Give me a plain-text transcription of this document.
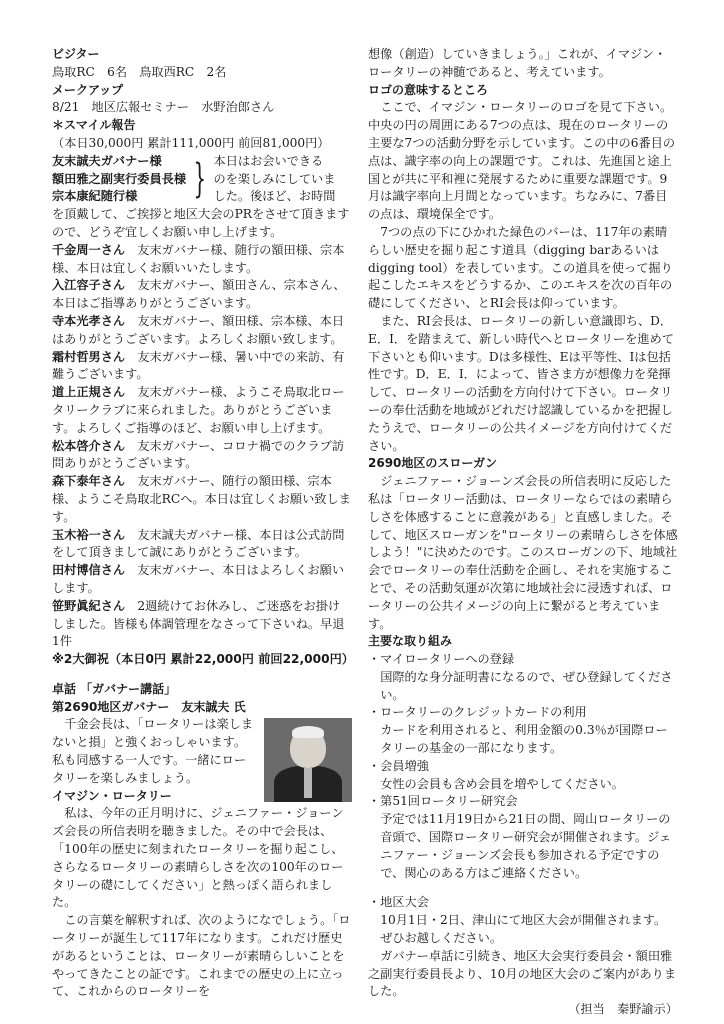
ビジター

鳥取RC　6名　鳥取西RC　2名

メークアップ

8/21　地区広報セミナー　水野治郎さん

＊スマイル報告

（本日30,000円 累計111,000円 前回81,000円）

友末誠夫ガバナー様

額田雅之副実行委員長様

宗本康紀随行様	} 本日はお会いできる

のを楽しみにしていま

した。後ほど、お時間

を頂戴して、ご挨拶と地区大会のPRをさせて頂きますので、どうぞ宜しくお願い申し上げます。

千金周一さん　 友末ガバナー様、随行の額田様、宗本様、本日は宜しくお願いいたします。

入江容子さん　 友末ガバナー、額田さん、宗本さん、本日はご指導ありがとうございます。

寺本光孝さん　 友末ガバナー、額田様、宗本様、本日はありがとうございます。よろしくお願い致します。

霜村哲男さん　 友末ガバナー様、暑い中での来訪、有難うございます。

道上正規さん　 友末ガバナー様、ようこそ鳥取北ロータリークラブに来られました。ありがとうございます。よろしくご指導のほど、お願い申し上げます。

松本啓介さん　 友末ガバナー、コロナ禍でのクラブ訪問ありがとうございます。

森下泰年さん　 友末ガバナー、随行の額田様、宗本様、ようこそ鳥取北RCへ。本日は宜しくお願い致します。

玉木裕一さん　 友末誠夫ガバナー様、本日は公式訪問をして頂きまして誠にありがとうございます。

田村博信さん　 友末ガバナー、本日はよろしくお願いします。

笹野眞紀さん　 2週続けてお休みし、ご迷惑をお掛けしました。皆様も体調管理をなさって下さいね。早退1件

※2大御祝（本日0円 累計22,000円 前回22,000円）

卓話 「ガバナー講話」

第2690地区ガバナー　友末誠夫 氏

千金会長は、「ロータリーは楽しまないと損」と強くおっしゃいます。私も同感する一人です。一緒にロータリーを楽しみましょう。

イマジン・ロータリー

私は、今年の正月明けに、ジェニファー・ジョーンズ会長の所信表明を聴きました。その中で会長は、「100年の歴史に刻まれたロータリーを掘り起こし、さらなるロータリーの素晴らしさを次の100年のロータリーの礎にしてください」と熱っぽく語られました。

この言葉を解釈すれば、次のようになでしょう。「ロータリーが誕生して117年になります。これだけ歴史があるということは、ロータリーが素晴らしいことをやってきたことの証です。これまでの歴史の上に立って、これからのロータリーを

想像（創造）していきましょう。」これが、イマジン・ロータリーの神髄であると、考えています。

ロゴの意味するところ

ここで、イマジン・ロータリーのロゴを見て下さい。中央の円の周囲にある7つの点は、現在のロータリーの主要な7つの活動分野を示しています。この中の6番目の点は、識字率の向上の課題です。これは、先進国と途上国とが共に平和裡に発展するために重要な課題です。9月は識字率向上月間となっています。ちなみに、7番目の点は、環境保全です。

7つの点の下にひかれた緑色のバーは、117年の素晴らしい歴史を掘り起こす道具（digging barあるいはdigging tool）を表しています。この道具を使って掘り起こしたエキスをどうするか、このエキスを次の百年の礎にしてください、とRI会長は仰っています。

また、RI会長は、ロータリーの新しい意識即ち、D．E．I．を踏まえて、新しい時代へとロータリーを進めて下さいとも仰います。Dは多様性、Eは平等性、Iは包括性です。D．E．I．によって、皆さま方が想像力を発揮して、ロータリーの活動を方向付けて下さい。ロータリーの奉仕活動を地域がどれだけ認識しているかを把握したうえで、ロータリーの公共イメージを方向付けてください。

2690地区のスローガン

ジェニファー・ジョーンズ会長の所信表明に反応した私は「ロータリー活動は、ロータリーならではの素晴らしさを体感することに意義がある」と直感しました。そして、地区スローガンを"ロータリーの素晴らしさを体感しよう！"に決めたのです。このスローガンの下、地域社会でロータリーの奉仕活動を企画し、それを実施することで、その活動気運が次第に地域社会に浸透すれば、ロータリーの公共イメージの向上に繋がると考えています。

主要な取り組み

・マイロータリーへの登録

国際的な身分証明書になるので、ぜひ登録してください。

・ロータリーのクレジットカードの利用

カードを利用されると、利用金額の0.3％が国際ロータリーの基金の一部になります。

・会員増強

女性の会員も含め会員を増やしてください。

・第51回ロータリー研究会

予定では11月19日から21日の間、岡山ロータリーの音頭で、国際ロータリー研究会が開催されます。ジェニファー・ジョーンズ会長も参加される予定ですので、関心のある方はご連絡ください。

・地区大会

10月1日・2日、津山にて地区大会が開催されます。ぜひお越しください。

ガバナー卓話に引続き、地区大会実行委員会・額田雅之副実行委員長より、10月の地区大会のご案内がありました。

（担当　秦野諭示）
